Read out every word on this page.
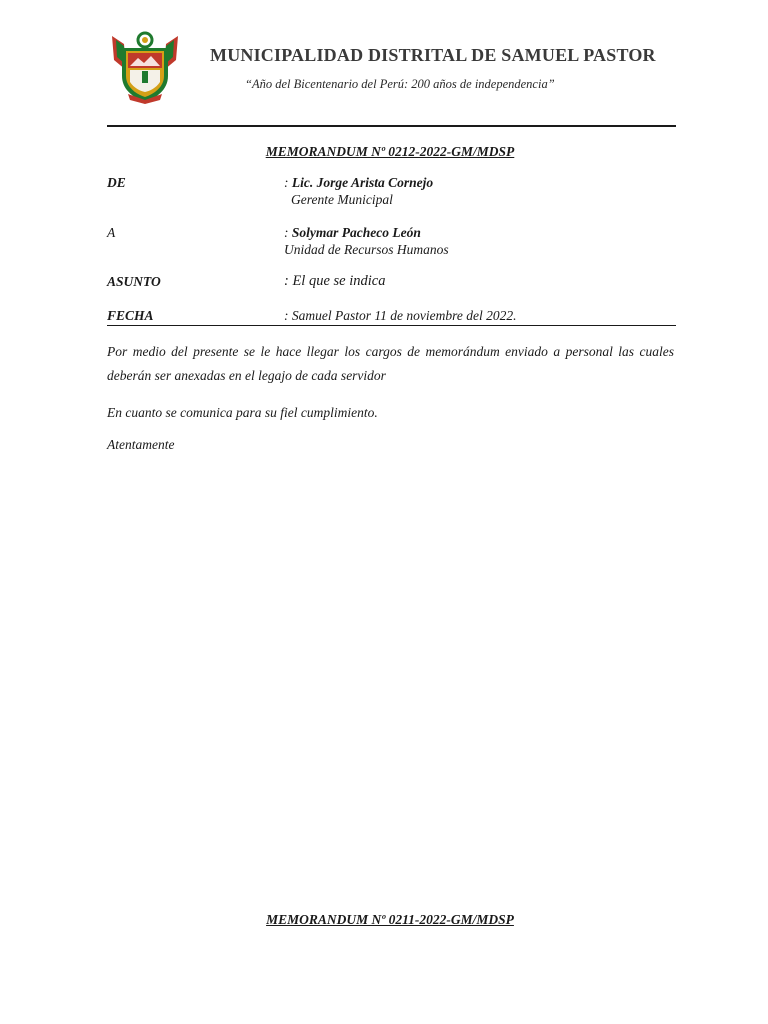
MUNICIPALIDAD DISTRITAL DE SAMUEL PASTOR
“Año del Bicentenario del Perú: 200 años de independencia”
MEMORANDUM Nº 0212-2022-GM/MDSP
DE	: Lic. Jorge Arista Cornejo
Gerente Municipal
A	: Solymar Pacheco León
Unidad de Recursos Humanos
ASUNTO	: El que se indica
FECHA	: Samuel Pastor 11 de noviembre del 2022.
Por medio del presente se le hace llegar los cargos de memorándum enviado a personal las cuales deberán ser anexadas en el legajo de cada servidor
En cuanto se comunica para su fiel cumplimiento.
Atentamente
MEMORANDUM Nº 0211-2022-GM/MDSP
